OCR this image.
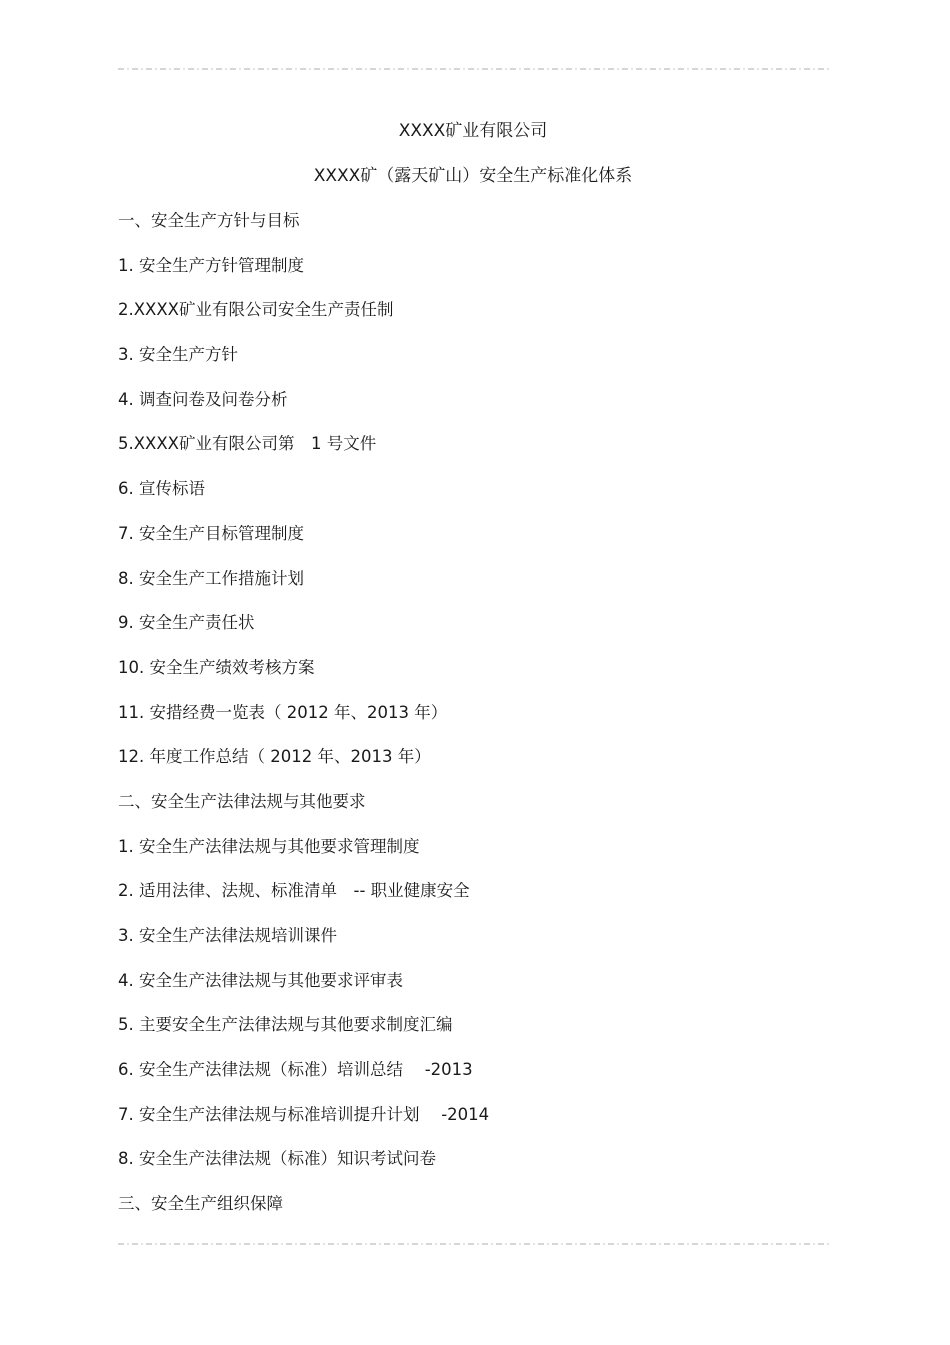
XXXX矿业有限公司
XXXX矿（露天矿山）安全生产标准化体系
一、安全生产方针与目标
1. 安全生产方针管理制度
2.XXXX矿业有限公司安全生产责任制
3. 安全生产方针
4. 调查问卷及问卷分析
5.XXXX矿业有限公司第　1 号文件
6. 宣传标语
7. 安全生产目标管理制度
8. 安全生产工作措施计划
9. 安全生产责任状
10. 安全生产绩效考核方案
11. 安措经费一览表（ 2012 年、2013 年）
12. 年度工作总结（ 2012 年、2013 年）
二、安全生产法律法规与其他要求
1. 安全生产法律法规与其他要求管理制度
2. 适用法律、法规、标准清单　-- 职业健康安全
3. 安全生产法律法规培训课件
4. 安全生产法律法规与其他要求评审表
5. 主要安全生产法律法规与其他要求制度汇编
6. 安全生产法律法规（标准）培训总结　 -2013
7. 安全生产法律法规与标准培训提升计划　 -2014
8. 安全生产法律法规（标准）知识考试问卷
三、安全生产组织保障
